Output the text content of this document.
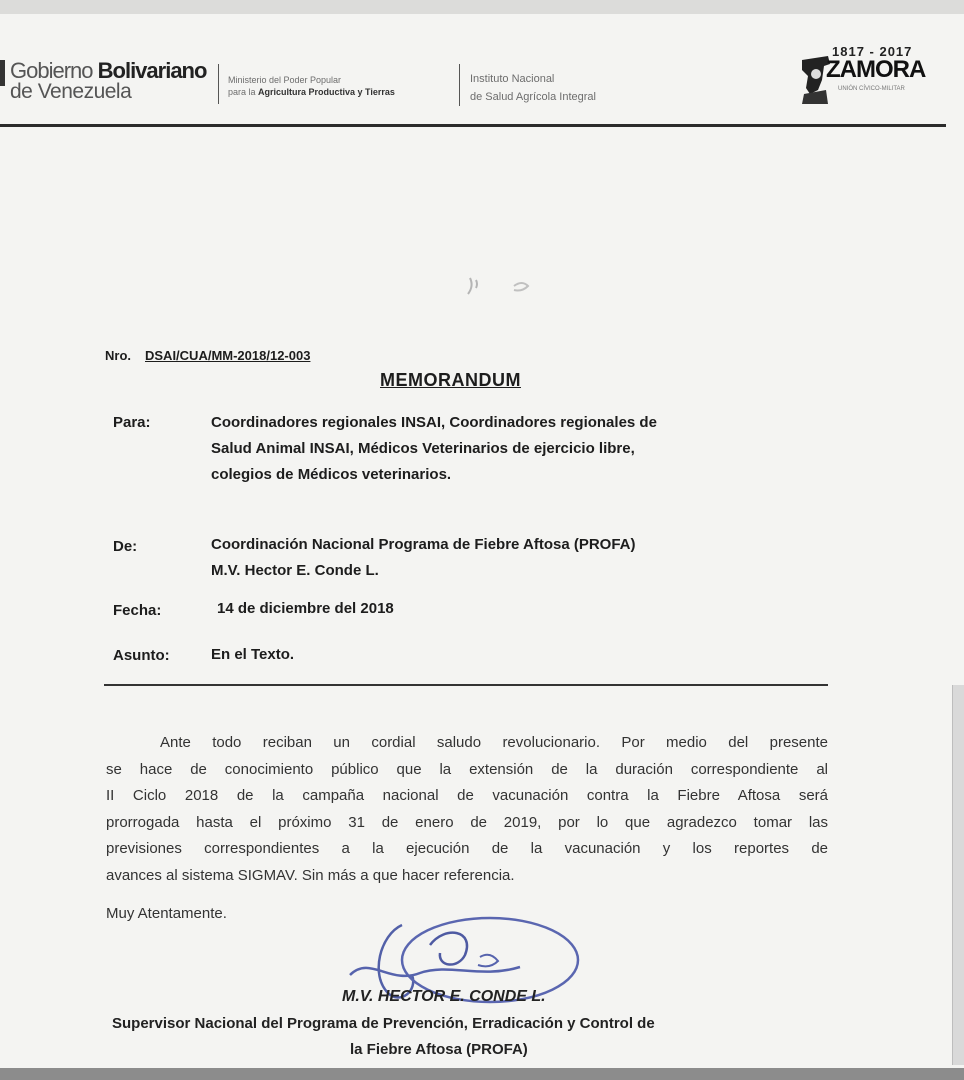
Gobierno Bolivariano
de Venezuela	Ministerio del Poder Popular
para la Agricultura Productiva y Tierras
Instituto Nacional
de Salud Agrícola Integral
1817 - 2017
ZAMORA
UNIÓN CÍVICO-MILITAR
Nro. DSAI/CUA/MM-2018/12-003
MEMORANDUM
Para:	Coordinadores regionales INSAI, Coordinadores regionales de
Salud Animal INSAI, Médicos Veterinarios de ejercicio libre,
colegios de Médicos veterinarios.
De:	Coordinación Nacional Programa de Fiebre Aftosa (PROFA)
M.V. Hector E. Conde L.
Fecha:	14 de diciembre del 2018
Asunto:	En el Texto.
Ante todo reciban un cordial saludo revolucionario. Por medio del presente
se hace de conocimiento público que la extensión de la duración correspondiente al
II Ciclo 2018 de la campaña nacional de vacunación contra la Fiebre Aftosa será
prorrogada hasta el próximo 31 de enero de 2019, por lo que agradezco tomar las
previsiones correspondientes a la ejecución de la vacunación y los reportes de
avances al sistema SIGMAV. Sin más a que hacer referencia.
Muy Atentamente.
M.V. HECTOR E. CONDE L.
Supervisor Nacional del Programa de Prevención, Erradicación y Control de
la Fiebre Aftosa (PROFA)
